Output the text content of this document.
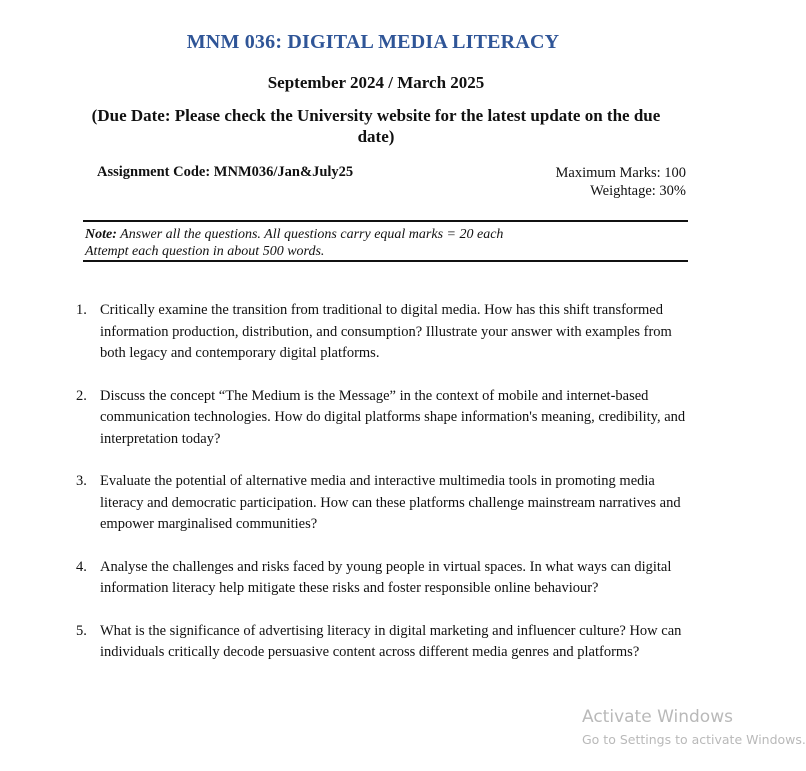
MNM 036: DIGITAL MEDIA LITERACY
September 2024 / March 2025
(Due Date: Please check the University website for the latest update on the due date)
Assignment Code: MNM036/Jan&July25	Maximum Marks: 100
Weightage: 30%
Note: Answer all the questions. All questions carry equal marks = 20 each
Attempt each question in about 500 words.
1. Critically examine the transition from traditional to digital media. How has this shift transformed information production, distribution, and consumption? Illustrate your answer with examples from both legacy and contemporary digital platforms.
2. Discuss the concept “The Medium is the Message” in the context of mobile and internet-based communication technologies. How do digital platforms shape information's meaning, credibility, and interpretation today?
3. Evaluate the potential of alternative media and interactive multimedia tools in promoting media literacy and democratic participation. How can these platforms challenge mainstream narratives and empower marginalised communities?
4. Analyse the challenges and risks faced by young people in virtual spaces. In what ways can digital information literacy help mitigate these risks and foster responsible online behaviour?
5. What is the significance of advertising literacy in digital marketing and influencer culture? How can individuals critically decode persuasive content across different media genres and platforms?
Activate Windows
Go to Settings to activate Windows.
